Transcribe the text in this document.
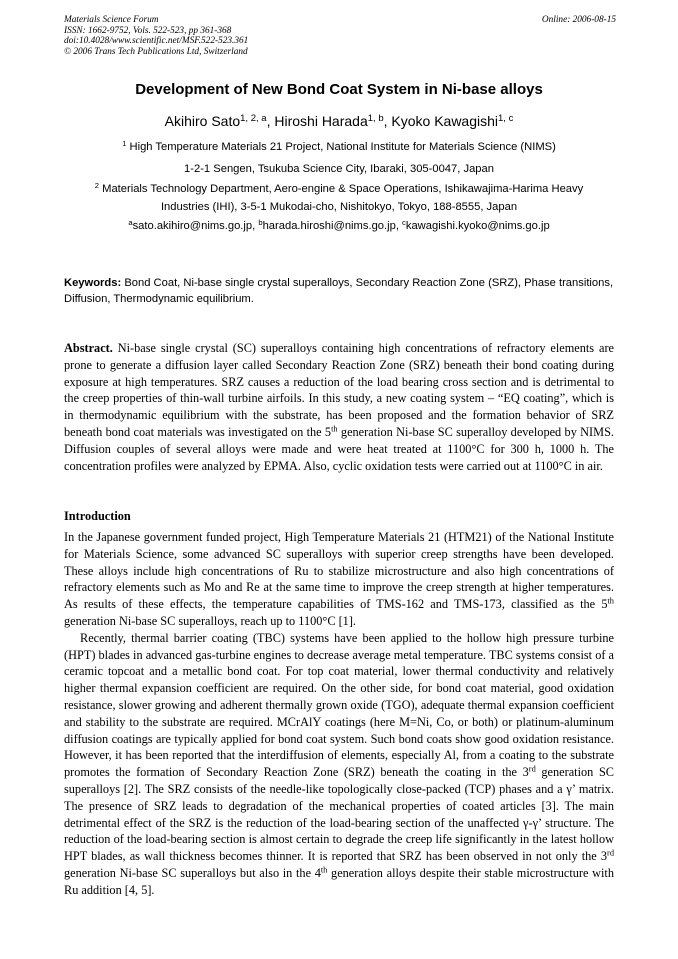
Materials Science Forum
ISSN: 1662-9752, Vols. 522-523, pp 361-368
doi:10.4028/www.scientific.net/MSF.522-523.361
© 2006 Trans Tech Publications Ltd, Switzerland
Online: 2006-08-15
Development of New Bond Coat System in Ni-base alloys
Akihiro Sato$^{1, 2, a}$, Hiroshi Harada$^{1, b}$, Kyoko Kawagishi$^{1, c}$
$^1$ High Temperature Materials 21 Project, National Institute for Materials Science (NIMS)
1-2-1 Sengen, Tsukuba Science City, Ibaraki, 305-0047, Japan
$^2$ Materials Technology Department, Aero-engine & Space Operations, Ishikawajima-Harima Heavy
Industries (IHI), 3-5-1 Mukodai-cho, Nishitokyo, Tokyo, 188-8555, Japan
$^a$sato.akihiro@nims.go.jp, $^b$harada.hiroshi@nims.go.jp, $^c$kawagishi.kyoko@nims.go.jp
Keywords: Bond Coat, Ni-base single crystal superalloys, Secondary Reaction Zone (SRZ), Phase transitions, Diffusion, Thermodynamic equilibrium.
Abstract. Ni-base single crystal (SC) superalloys containing high concentrations of refractory elements are prone to generate a diffusion layer called Secondary Reaction Zone (SRZ) beneath their bond coating during exposure at high temperatures. SRZ causes a reduction of the load bearing cross section and is detrimental to the creep properties of thin-wall turbine airfoils. In this study, a new coating system – “EQ coating”, which is in thermodynamic equilibrium with the substrate, has been proposed and the formation behavior of SRZ beneath bond coat materials was investigated on the 5th generation Ni-base SC superalloy developed by NIMS. Diffusion couples of several alloys were made and were heat treated at 1100°C for 300 h, 1000 h. The concentration profiles were analyzed by EPMA. Also, cyclic oxidation tests were carried out at 1100°C in air.
Introduction

In the Japanese government funded project, High Temperature Materials 21 (HTM21) of the National Institute for Materials Science, some advanced SC superalloys with superior creep strengths have been developed. These alloys include high concentrations of Ru to stabilize microstructure and also high concentrations of refractory elements such as Mo and Re at the same time to improve the creep strength at higher temperatures. As results of these effects, the temperature capabilities of TMS-162 and TMS-173, classified as the 5th generation Ni-base SC superalloys, reach up to 1100°C [1].

Recently, thermal barrier coating (TBC) systems have been applied to the hollow high pressure turbine (HPT) blades in advanced gas-turbine engines to decrease average metal temperature. TBC systems consist of a ceramic topcoat and a metallic bond coat. For top coat material, lower thermal conductivity and relatively higher thermal expansion coefficient are required. On the other side, for bond coat material, good oxidation resistance, slower growing and adherent thermally grown oxide (TGO), adequate thermal expansion coefficient and stability to the substrate are required. MCrAlY coatings (here M=Ni, Co, or both) or platinum-aluminum diffusion coatings are typically applied for bond coat system. Such bond coats show good oxidation resistance. However, it has been reported that the interdiffusion of elements, especially Al, from a coating to the substrate promotes the formation of Secondary Reaction Zone (SRZ) beneath the coating in the 3rd generation SC superalloys [2]. The SRZ consists of the needle-like topologically close-packed (TCP) phases and a γ’ matrix. The presence of SRZ leads to degradation of the mechanical properties of coated articles [3]. The main detrimental effect of the SRZ is the reduction of the load-bearing section of the unaffected γ-γ’ structure. The reduction of the load-bearing section is almost certain to degrade the creep life significantly in the latest hollow HPT blades, as wall thickness becomes thinner. It is reported that SRZ has been observed in not only the 3rd generation Ni-base SC superalloys but also in the 4th generation alloys despite their stable microstructure with Ru addition [4, 5].
